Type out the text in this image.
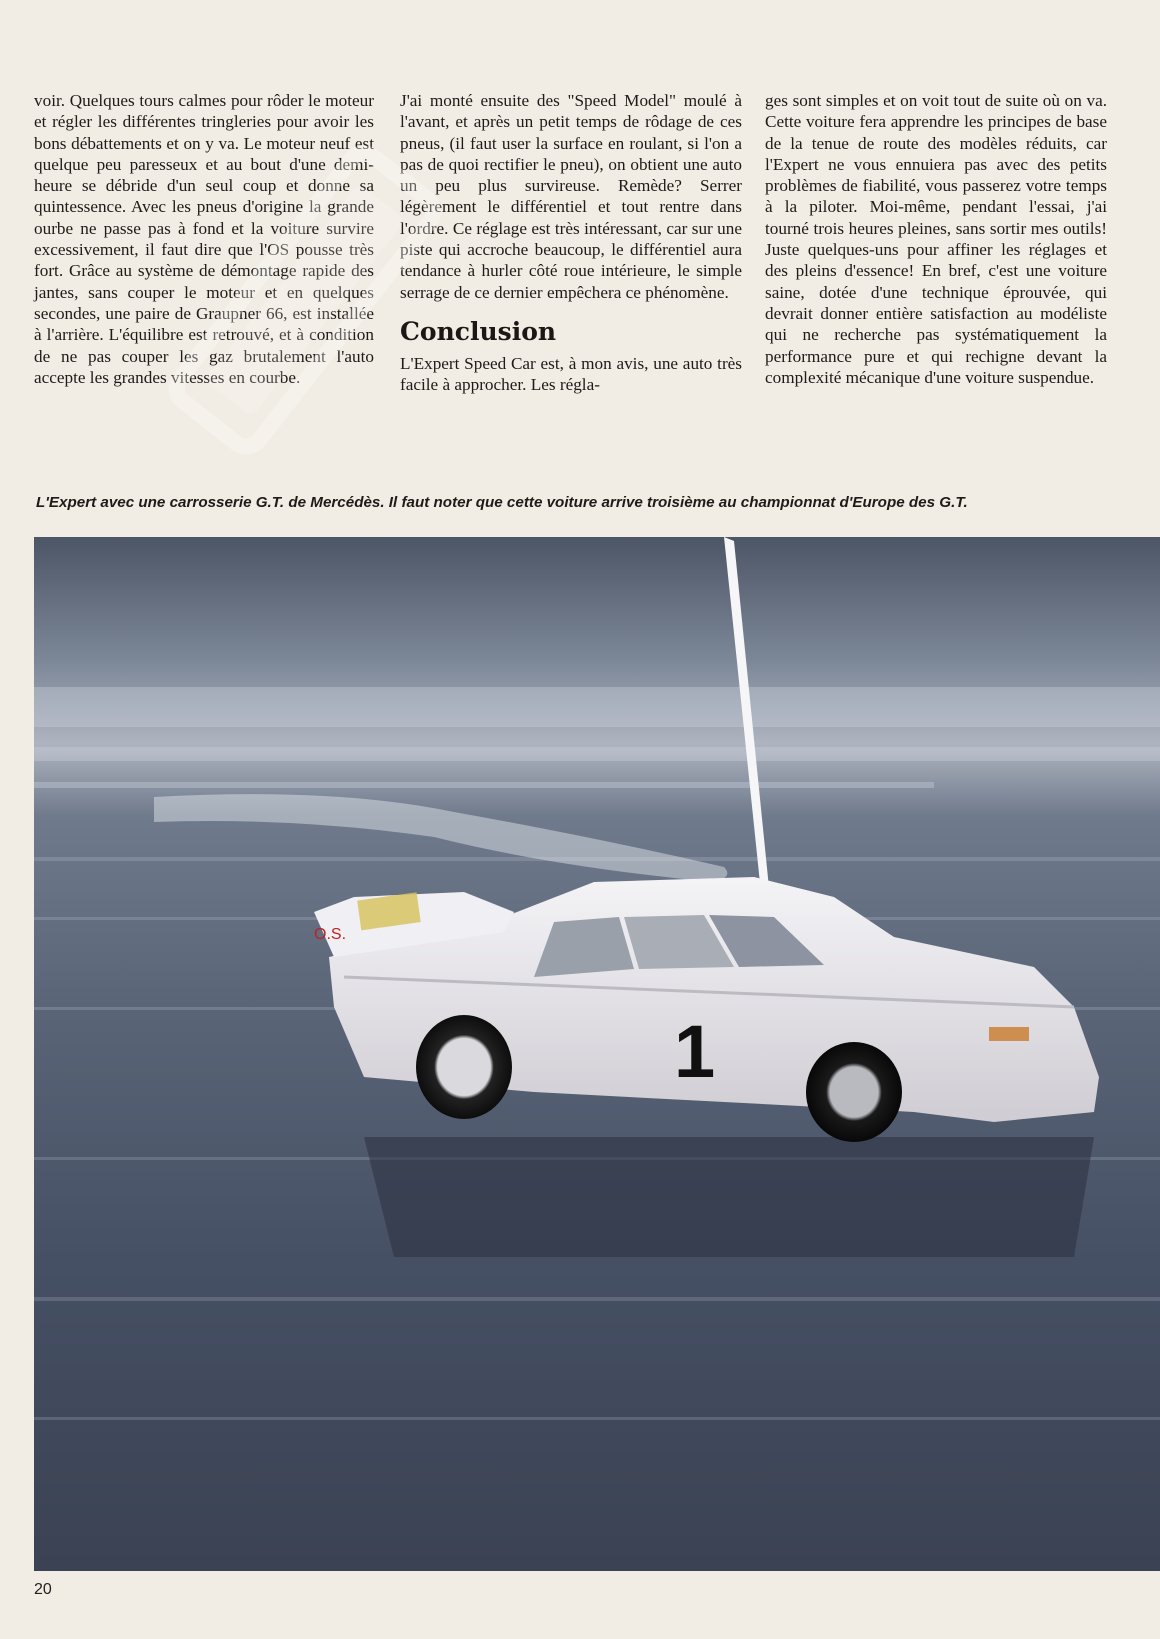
voir. Quelques tours calmes pour rôder le moteur et régler les différentes tringleries pour avoir les bons débattements et on y va. Le moteur neuf est quelque peu paresseux et au bout d'une demi-heure se débride d'un seul coup et donne sa quintessence. Avec les pneus d'origine la grande ourbe ne passe pas à fond et la voiture survire excessivement, il faut dire que l'OS pousse très fort. Grâce au système de démontage rapide des jantes, sans couper le moteur et en quelques secondes, une paire de Graupner 66, est installée à l'arrière. L'équilibre est retrouvé, et à condition de ne pas couper les gaz brutalement l'auto accepte les grandes vitesses en courbe.

J'ai monté ensuite des "Speed Model" moulé à l'avant, et après un petit temps de rôdage de ces pneus, (il faut user la surface en roulant, si l'on a pas de quoi rectifier le pneu), on obtient une auto un peu plus survireuse. Remède? Serrer légèrement le différentiel et tout rentre dans l'ordre. Ce réglage est très intéressant, car sur une piste qui accroche beaucoup, le différentiel aura tendance à hurler côté roue intérieure, le simple serrage de ce dernier empêchera ce phénomène.

Conclusion

L'Expert Speed Car est, à mon avis, une auto très facile à approcher. Les régla-

ges sont simples et on voit tout de suite où on va. Cette voiture fera apprendre les principes de base de la tenue de route des modèles réduits, car l'Expert ne vous ennuiera pas avec des petits problèmes de fiabilité, vous passerez votre temps à la piloter. Moi-même, pendant l'essai, j'ai tourné trois heures pleines, sans sortir mes outils! Juste quelques-uns pour affiner les réglages et des pleins d'essence! En bref, c'est une voiture saine, dotée d'une technique éprouvée, qui devrait donner entière satisfaction au modéliste qui ne recherche pas systématiquement la performance pure et qui rechigne devant la complexité mécanique d'une voiture suspendue.

L'Expert avec une carrosserie G.T. de Mercédès. Il faut noter que cette voiture arrive troisième au championnat d'Europe des G.T.
1
O.S.
20
